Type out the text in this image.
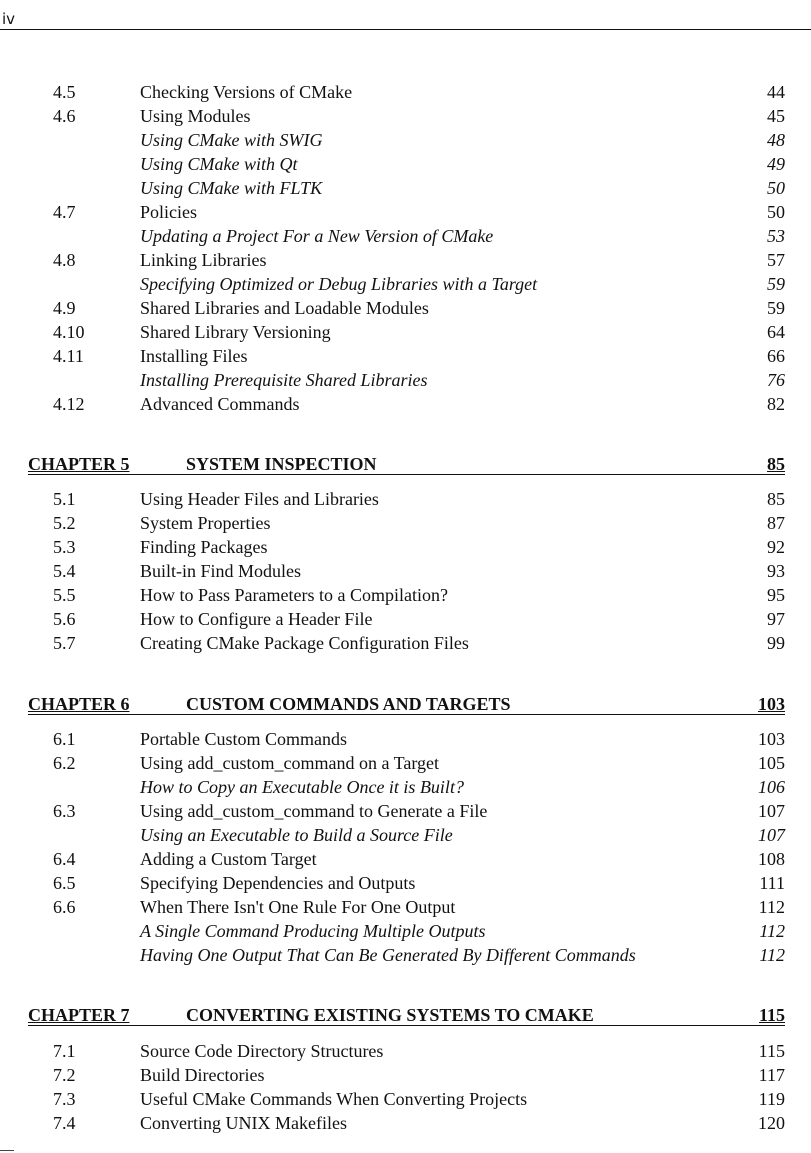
iv
4.5	Checking Versions of CMake	44
4.6	Using Modules	45
Using CMake with SWIG	48
Using CMake with Qt	49
Using CMake with FLTK	50
4.7	Policies	50
Updating a Project For a New Version of CMake	53
4.8	Linking Libraries	57
Specifying Optimized or Debug Libraries with a Target	59
4.9	Shared Libraries and Loadable Modules	59
4.10	Shared Library Versioning	64
4.11	Installing Files	66
Installing Prerequisite Shared Libraries	76
4.12	Advanced Commands	82
CHAPTER 5	SYSTEM INSPECTION	85
5.1	Using Header Files and Libraries	85
5.2	System Properties	87
5.3	Finding Packages	92
5.4	Built-in Find Modules	93
5.5	How to Pass Parameters to a Compilation?	95
5.6	How to Configure a Header File	97
5.7	Creating CMake Package Configuration Files	99
CHAPTER 6	CUSTOM COMMANDS AND TARGETS	103
6.1	Portable Custom Commands	103
6.2	Using add_custom_command on a Target	105
How to Copy an Executable Once it is Built?	106
6.3	Using add_custom_command to Generate a File	107
Using an Executable to Build a Source File	107
6.4	Adding a Custom Target	108
6.5	Specifying Dependencies and Outputs	111
6.6	When There Isn't One Rule For One Output	112
A Single Command Producing Multiple Outputs	112
Having One Output That Can Be Generated By Different Commands	112
CHAPTER 7	CONVERTING EXISTING SYSTEMS TO CMAKE	115
7.1	Source Code Directory Structures	115
7.2	Build Directories	117
7.3	Useful CMake Commands When Converting Projects	119
7.4	Converting UNIX Makefiles	120
